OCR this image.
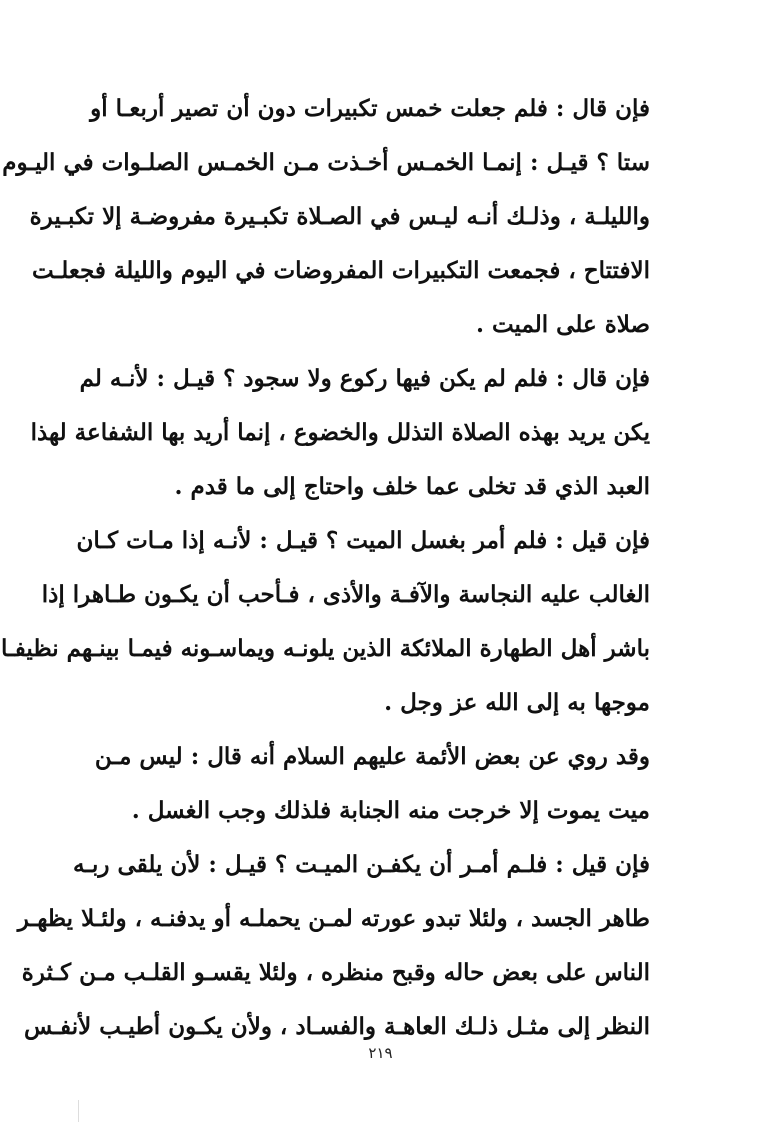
فإن قال : فلم جعلت خمس تكبيرات دون أن تصير أربعـا أو
ستا ؟ قيـل : إنمـا الخمـس أخـذت مـن الخمـس الصلـوات في اليـوم
والليلـة ، وذلـك أنـه ليـس في الصـلاة تكبـيرة مفروضـة إلا تكبـيرة
الافتتاح ، فجمعت التكبيرات المفروضات في اليوم والليلة فجعلـت
صلاة على الميت .
فإن قال : فلم لم يكن فيها ركوع ولا سجود ؟ قيـل : لأنـه لم
يكن يريد بهذه الصلاة التذلل والخضوع ، إنما أريد بها الشفاعة لهذا
العبد الذي قد تخلى عما خلف واحتاج إلى ما قدم .
فإن قيل : فلم أمر بغسل الميت ؟ قيـل : لأنـه إذا مـات كـان
الغالب عليه النجاسة والآفـة والأذى ، فـأحب أن يكـون طـاهرا إذا
باشر أهل الطهارة الملائكة الذين يلونـه ويماسـونه فيمـا بينـهم نظيفـا
موجها به إلى الله عز وجل .
وقد روي عن بعض الأئمة عليهم السلام أنه قال : ليس مـن
ميت يموت إلا خرجت منه الجنابة فلذلك وجب الغسل .
فإن قيل : فلـم أمـر أن يكفـن الميـت ؟ قيـل : لأن يلقى ربـه
طاهر الجسد ، ولئلا تبدو عورته لمـن يحملـه أو يدفنـه ، ولئـلا يظهـر
الناس على بعض حاله وقبح منظره ، ولئلا يقسـو القلـب مـن كـثرة
النظر إلى مثـل ذلـك العاهـة والفسـاد ، ولأن يكـون أطيـب لأنفـس
٢١٩
